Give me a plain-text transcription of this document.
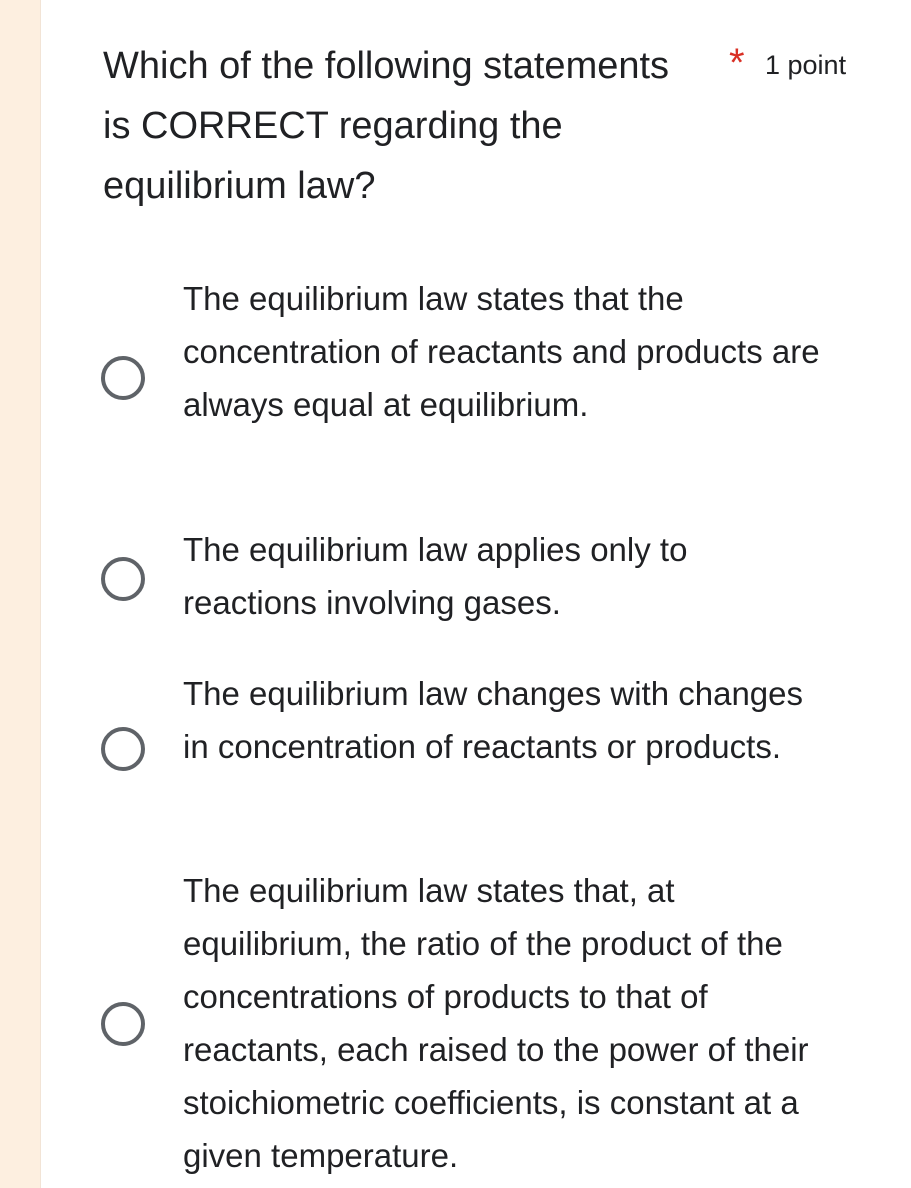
Which of the following statements is CORRECT regarding the equilibrium law?

* 1 point
The equilibrium law states that the concentration of reactants and products are always equal at equilibrium.
The equilibrium law applies only to reactions involving gases.
The equilibrium law changes with changes in concentration of reactants or products.
The equilibrium law states that, at equilibrium, the ratio of the product of the concentrations of products to that of reactants, each raised to the power of their stoichiometric coefficients, is constant at a given temperature.
